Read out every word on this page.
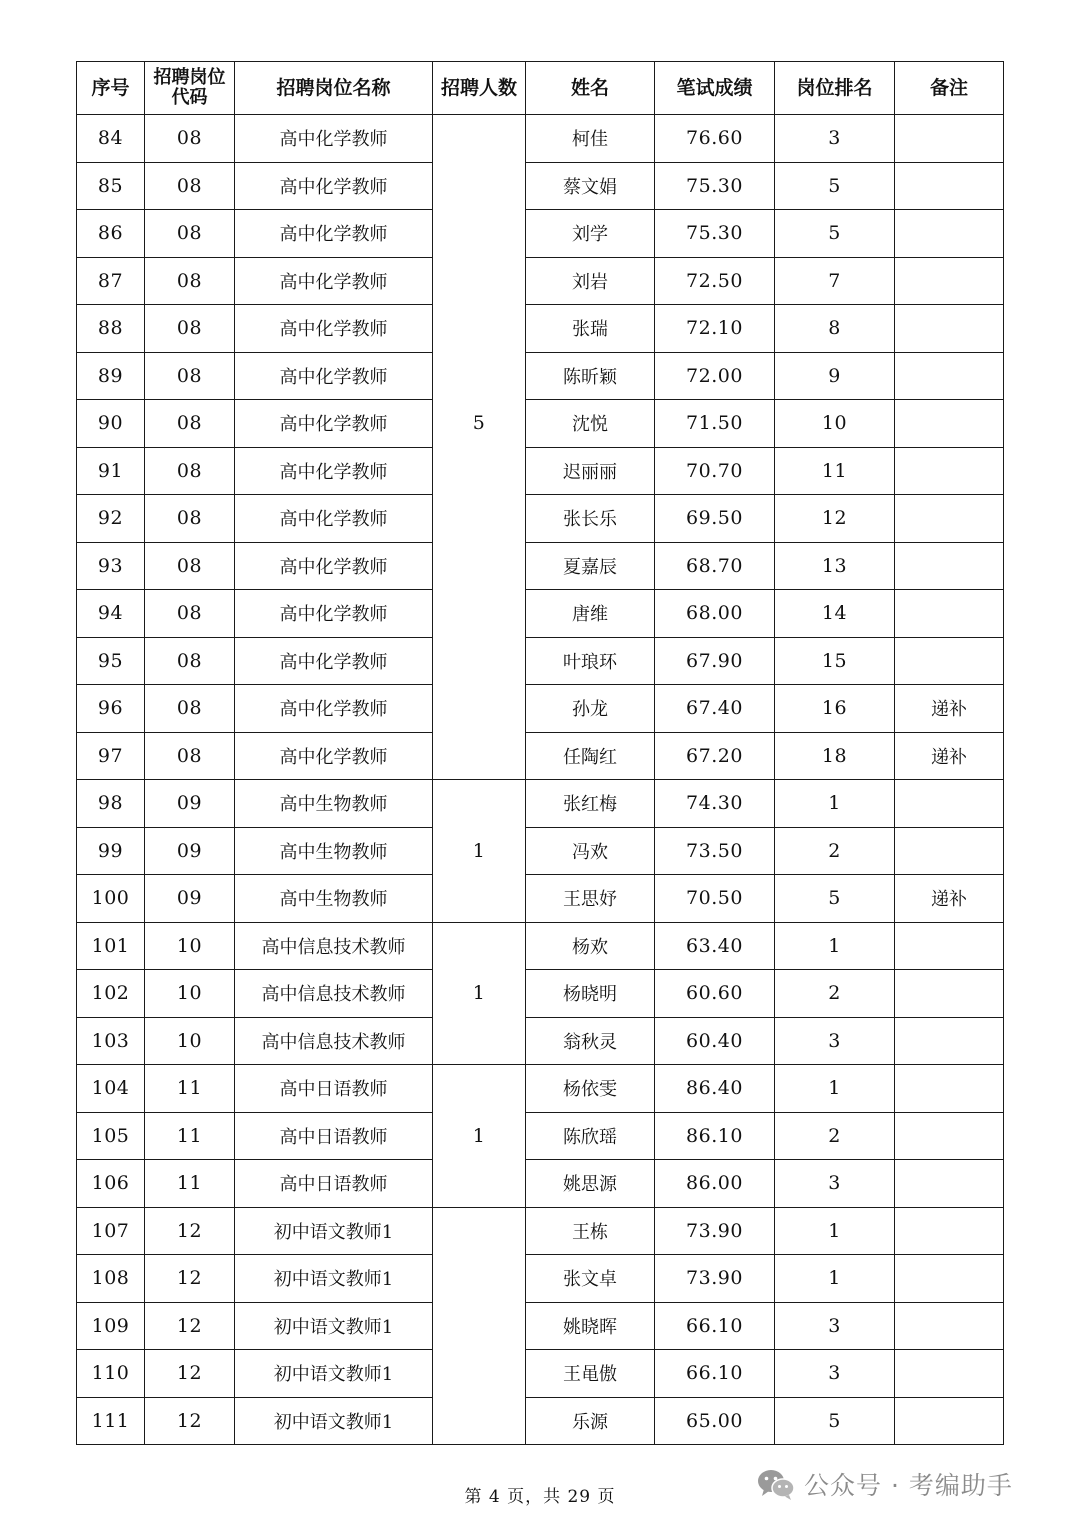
序号	招聘岗位代码	招聘岗位名称	招聘人数	姓名	笔试成绩	岗位排名	备注
84	08	高中化学教师		柯佳	76.60	3	
85	08	高中化学教师		蔡文娟	75.30	5	
86	08	高中化学教师		刘学	75.30	5	
87	08	高中化学教师		刘岩	72.50	7	
88	08	高中化学教师		张瑞	72.10	8	
89	08	高中化学教师		陈昕颖	72.00	9	
90	08	高中化学教师	5	沈悦	71.50	10	
91	08	高中化学教师		迟丽丽	70.70	11	
92	08	高中化学教师		张长乐	69.50	12	
93	08	高中化学教师		夏嘉辰	68.70	13	
94	08	高中化学教师		唐维	68.00	14	
95	08	高中化学教师		叶琅环	67.90	15	
96	08	高中化学教师		孙龙	67.40	16	递补
97	08	高中化学教师		任陶红	67.20	18	递补
98	09	高中生物教师		张红梅	74.30	1	
99	09	高中生物教师	1	冯欢	73.50	2	
100	09	高中生物教师		王思妤	70.50	5	递补
101	10	高中信息技术教师		杨欢	63.40	1	
102	10	高中信息技术教师	1	杨晓明	60.60	2	
103	10	高中信息技术教师		翁秋灵	60.40	3	
104	11	高中日语教师		杨依雯	86.40	1	
105	11	高中日语教师	1	陈欣瑶	86.10	2	
106	11	高中日语教师		姚思源	86.00	3	
107	12	初中语文教师1		王栋	73.90	1	
108	12	初中语文教师1		张文卓	73.90	1	
109	12	初中语文教师1		姚晓晖	66.10	3	
110	12	初中语文教师1		王黾傲	66.10	3	
111	12	初中语文教师1		乐源	65.00	5	
第 4 页，共 29 页	公众号 · 考编助手
